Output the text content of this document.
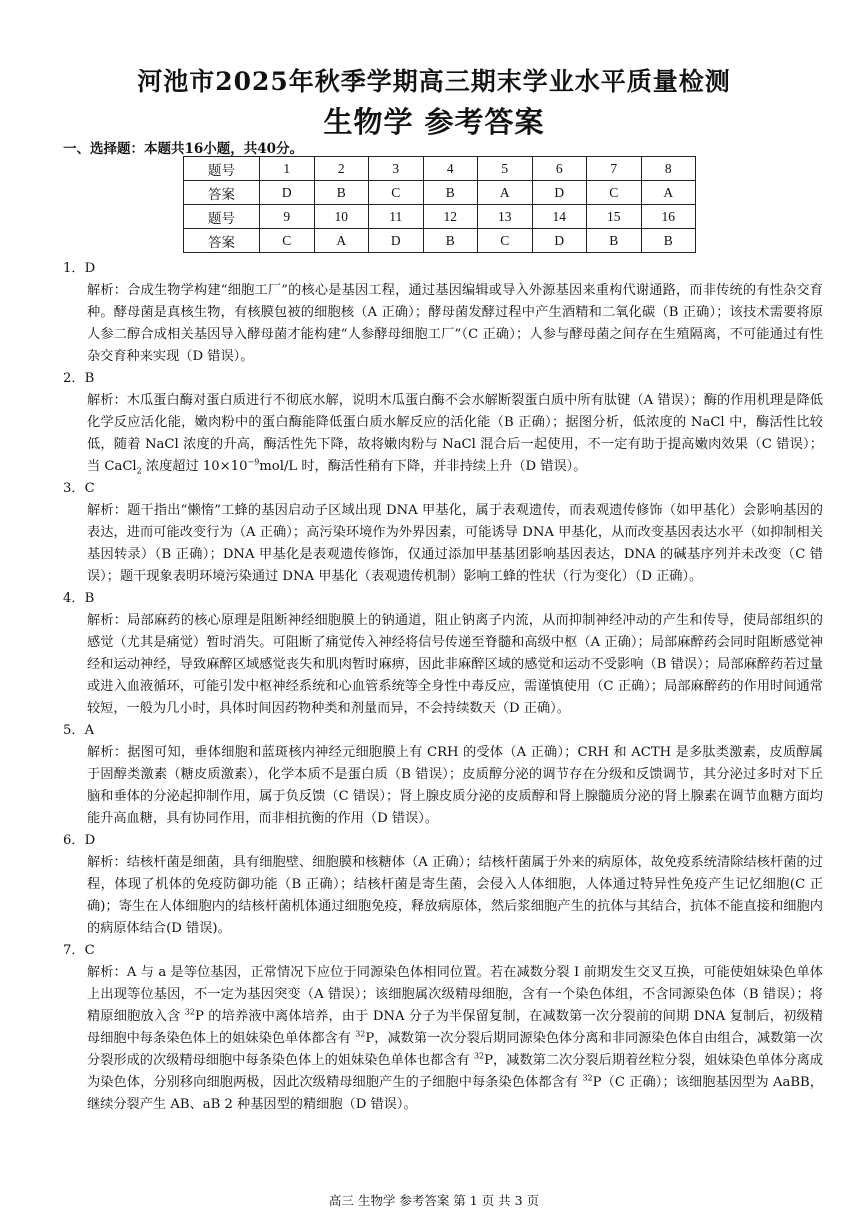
河池市2025年秋季学期高三期末学业水平质量检测
生物学 参考答案
一、选择题：本题共16小题，共40分。
题号	1	2	3	4	5	6	7	8
答案	D	B	C	B	A	D	C	A
题号	9	10	11	12	13	14	15	16
答案	C	A	D	B	C	D	B	B
1．D

解析：合成生物学构建“细胞工厂”的核心是基因工程，通过基因编辑或导入外源基因来重构代谢通路，而非传统的有性杂交育种。酵母菌是真核生物，有核膜包被的细胞核（A 正确）；酵母菌发酵过程中产生酒精和二氧化碳（B 正确）；该技术需要将原人参二醇合成相关基因导入酵母菌才能构建“人参酵母细胞工厂”（C 正确）；人参与酵母菌之间存在生殖隔离，不可能通过有性杂交育种来实现（D 错误）。

2．B

解析：木瓜蛋白酶对蛋白质进行不彻底水解，说明木瓜蛋白酶不会水解断裂蛋白质中所有肽键（A 错误）；酶的作用机理是降低化学反应活化能，嫩肉粉中的蛋白酶能降低蛋白质水解反应的活化能（B 正确）；据图分析，低浓度的 NaCl 中，酶活性比较低，随着 NaCl 浓度的升高，酶活性先下降，故将嫩肉粉与 NaCl 混合后一起使用，不一定有助于提高嫩肉效果（C 错误）；当 CaCl$_2$ 浓度超过 $10\times 10^{-9}mol/L$ 时，酶活性稍有下降，并非持续上升（D 错误）。

3．C

解析：题干指出“懒惰”工蜂的基因启动子区域出现 DNA 甲基化，属于表观遗传，而表观遗传修饰（如甲基化）会影响基因的表达，进而可能改变行为（A 正确）；高污染环境作为外界因素，可能诱导 DNA 甲基化，从而改变基因表达水平（如抑制相关基因转录）（B 正确）；DNA 甲基化是表观遗传修饰，仅通过添加甲基基团影响基因表达，DNA 的碱基序列并未改变（C 错误）；题干现象表明环境污染通过 DNA 甲基化（表观遗传机制）影响工蜂的性状（行为变化）（D 正确）。

4．B

解析：局部麻药的核心原理是阻断神经细胞膜上的钠通道，阻止钠离子内流，从而抑制神经冲动的产生和传导，使局部组织的感觉（尤其是痛觉）暂时消失。可阻断了痛觉传入神经将信号传递至脊髓和高级中枢（A 正确）；局部麻醉药会同时阻断感觉神经和运动神经，导致麻醉区域感觉丧失和肌肉暂时麻痹，因此非麻醉区域的感觉和运动不受影响（B 错误）；局部麻醉药若过量或进入血液循环，可能引发中枢神经系统和心血管系统等全身性中毒反应，需谨慎使用（C 正确）；局部麻醉药的作用时间通常较短，一般为几小时，具体时间因药物种类和剂量而异，不会持续数天（D 正确）。

5．A

解析：据图可知，垂体细胞和蓝斑核内神经元细胞膜上有 CRH 的受体（A 正确）；CRH 和 ACTH 是多肽类激素，皮质醇属于固醇类激素（糖皮质激素），化学本质不是蛋白质（B 错误）；皮质醇分泌的调节存在分级和反馈调节，其分泌过多时对下丘脑和垂体的分泌起抑制作用，属于负反馈（C 错误）；肾上腺皮质分泌的皮质醇和肾上腺髓质分泌的肾上腺素在调节血糖方面均能升高血糖，具有协同作用，而非相抗衡的作用（D 错误）。

6．D

解析：结核杆菌是细菌，具有细胞壁、细胞膜和核糖体（A 正确）；结核杆菌属于外来的病原体，故免疫系统清除结核杆菌的过程，体现了机体的免疫防御功能（B 正确）；结核杆菌是寄生菌，会侵入人体细胞，人体通过特异性免疫产生记忆细胞(C 正确)；寄生在人体细胞内的结核杆菌机体通过细胞免疫，释放病原体，然后浆细胞产生的抗体与其结合，抗体不能直接和细胞内的病原体结合(D 错误)。

7．C

解析：A 与 a 是等位基因，正常情况下应位于同源染色体相同位置。若在减数分裂 Ⅰ 前期发生交叉互换，可能使姐妹染色单体上出现等位基因，不一定为基因突变（A 错误）；该细胞属次级精母细胞，含有一个染色体组，不含同源染色体（B 错误）；将精原细胞放入含 $^{32}$P 的培养液中离体培养，由于 DNA 分子为半保留复制，在减数第一次分裂前的间期 DNA 复制后，初级精母细胞中每条染色体上的姐妹染色单体都含有 $^{32}$P，减数第一次分裂后期同源染色体分离和非同源染色体自由组合，减数第一次分裂形成的次级精母细胞中每条染色体上的姐妹染色单体也都含有 $^{32}$P，减数第二次分裂后期着丝粒分裂，姐妹染色单体分离成为染色体，分别移向细胞两极，因此次级精母细胞产生的子细胞中每条染色体都含有 $^{32}$P（C 正确）；该细胞基因型为 AaBB，继续分裂产生 AB、aB 2 种基因型的精细胞（D 错误）。

高三 生物学 参考答案 第 1 页 共 3 页
